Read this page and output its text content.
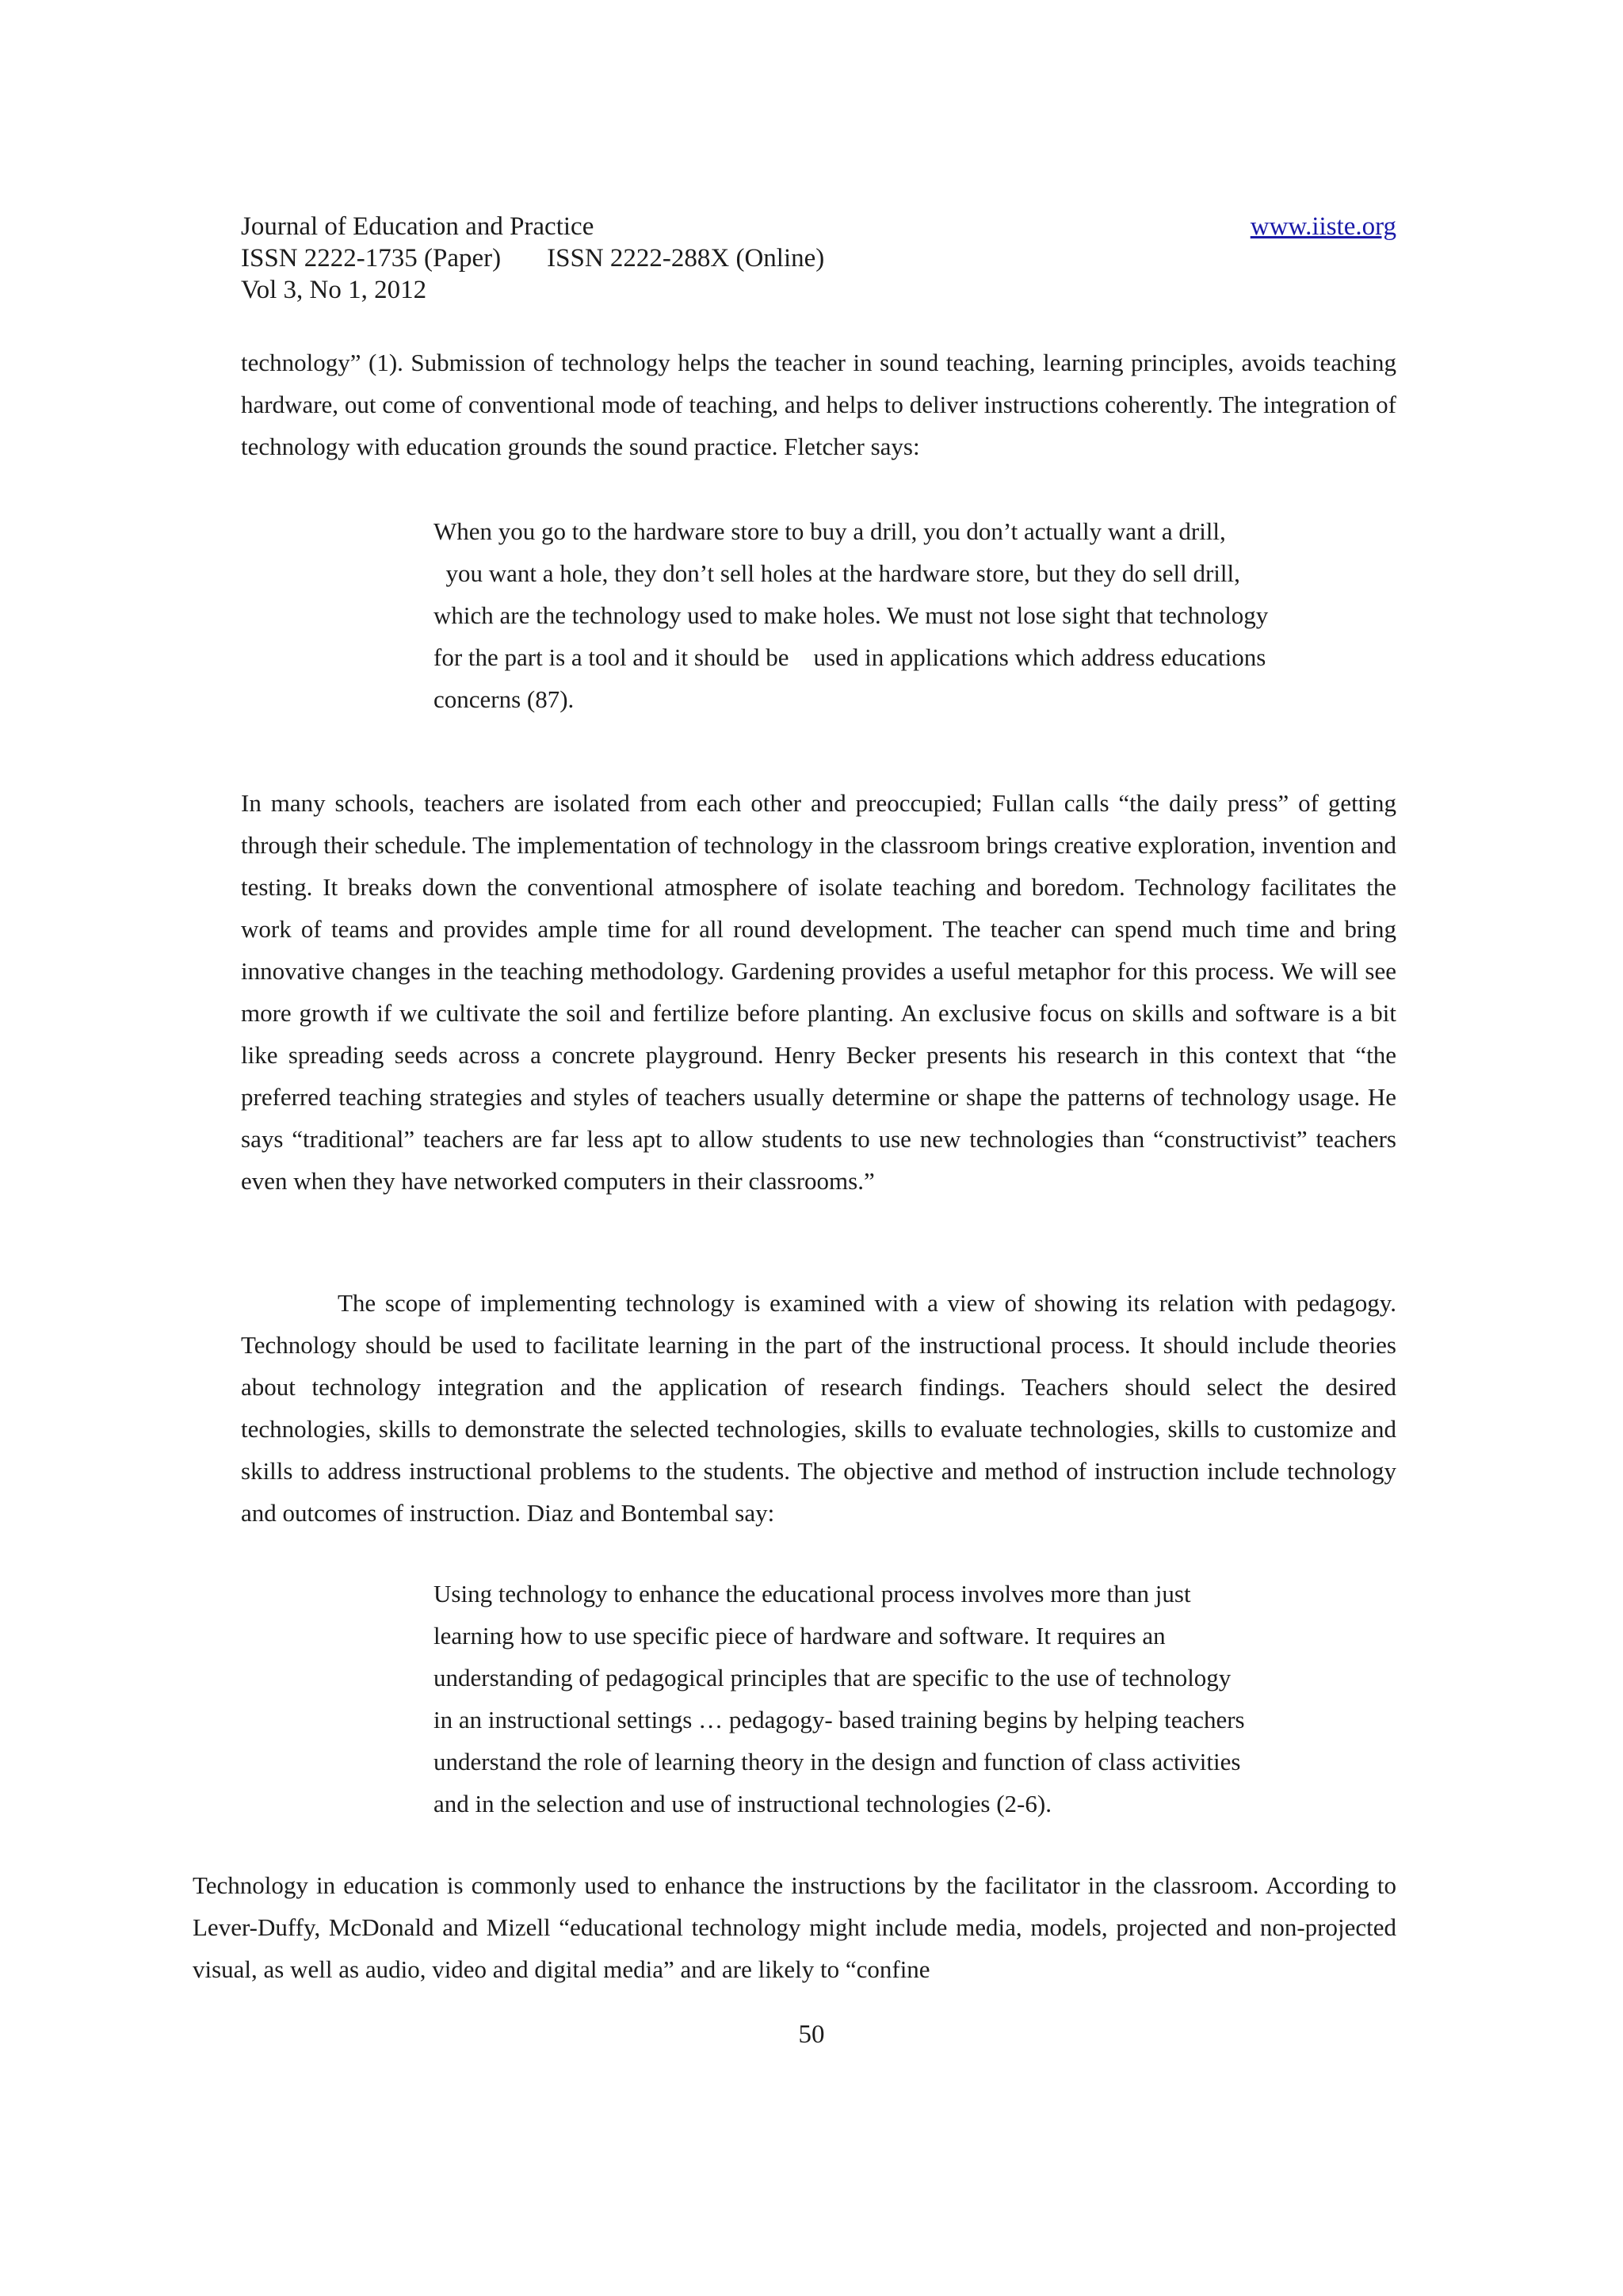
Journal of Education and Practice	www.iiste.org
ISSN 2222-1735 (Paper) ISSN 2222-288X (Online)
Vol 3, No 1, 2012

technology” (1). Submission of technology helps the teacher in sound teaching, learning principles, avoids teaching hardware, out come of conventional mode of teaching, and helps to deliver instructions coherently. The integration of technology with education grounds the sound practice. Fletcher says:

When you go to the hardware store to buy a drill, you don’t actually want a drill,
you want a hole, they don’t sell holes at the hardware store, but they do sell drill,
which are the technology used to make holes. We must not lose sight that technology
for the part is a tool and it should be    used in applications which address educations
concerns (87).

In many schools, teachers are isolated from each other and preoccupied; Fullan calls “the daily press” of getting through their schedule. The implementation of technology in the classroom brings creative exploration, invention and testing. It breaks down the conventional atmosphere of isolate teaching and boredom. Technology facilitates the work of teams and provides ample time for all round development. The teacher can spend much time and bring innovative changes in the teaching methodology. Gardening provides a useful metaphor for this process. We will see more growth if we cultivate the soil and fertilize before planting. An exclusive focus on skills and software is a bit like spreading seeds across a concrete playground. Henry Becker presents his research in this context that “the preferred teaching strategies and styles of teachers usually determine or shape the patterns of technology usage. He says “traditional” teachers are far less apt to allow students to use new technologies than “constructivist” teachers even when they have networked computers in their classrooms.”

The scope of implementing technology is examined with a view of showing its relation with pedagogy. Technology should be used to facilitate learning in the part of the instructional process. It should include theories about technology integration and the application of research findings. Teachers should select the desired technologies, skills to demonstrate the selected technologies, skills to evaluate technologies, skills to customize and skills to address instructional problems to the students. The objective and method of instruction include technology and outcomes of instruction. Diaz and Bontembal say:

Using technology to enhance the educational process involves more than just
learning how to use specific piece of hardware and software. It requires an
understanding of pedagogical principles that are specific to the use of technology
in an instructional settings … pedagogy- based training begins by helping teachers
understand the role of learning theory in the design and function of class activities
and in the selection and use of instructional technologies (2-6).

Technology in education is commonly used to enhance the instructions by the facilitator in the classroom. According to Lever-Duffy, McDonald and Mizell “educational technology might include media, models, projected and non-projected visual, as well as audio, video and digital media” and are likely to “confine

50
